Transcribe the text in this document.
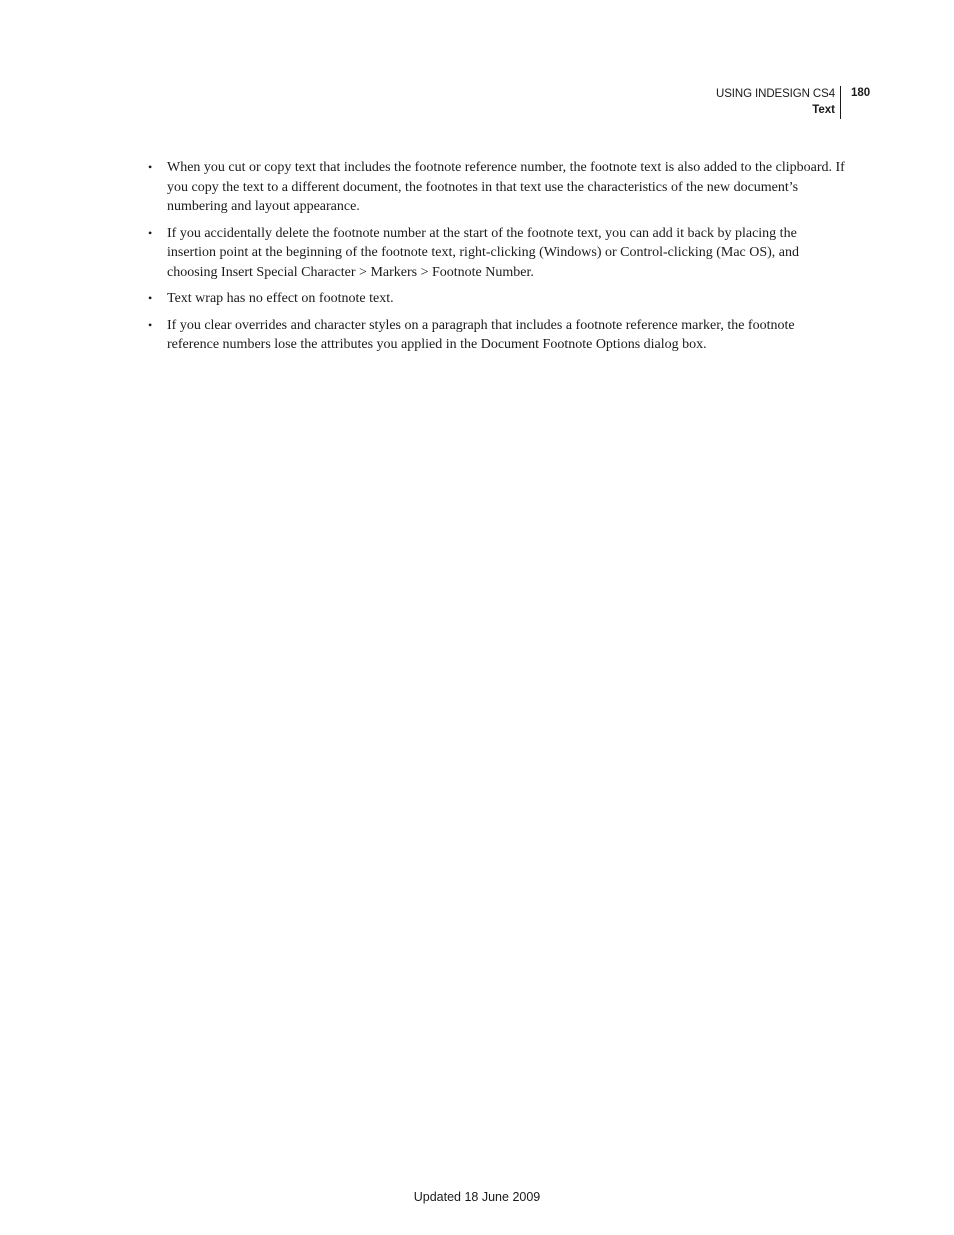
USING INDESIGN CS4
Text
180
• When you cut or copy text that includes the footnote reference number, the footnote text is also added to the clipboard. If you copy the text to a different document, the footnotes in that text use the characteristics of the new document’s numbering and layout appearance.
• If you accidentally delete the footnote number at the start of the footnote text, you can add it back by placing the insertion point at the beginning of the footnote text, right-clicking (Windows) or Control-clicking (Mac OS), and choosing Insert Special Character > Markers > Footnote Number.
• Text wrap has no effect on footnote text.
• If you clear overrides and character styles on a paragraph that includes a footnote reference marker, the footnote reference numbers lose the attributes you applied in the Document Footnote Options dialog box.
Updated 18 June 2009
